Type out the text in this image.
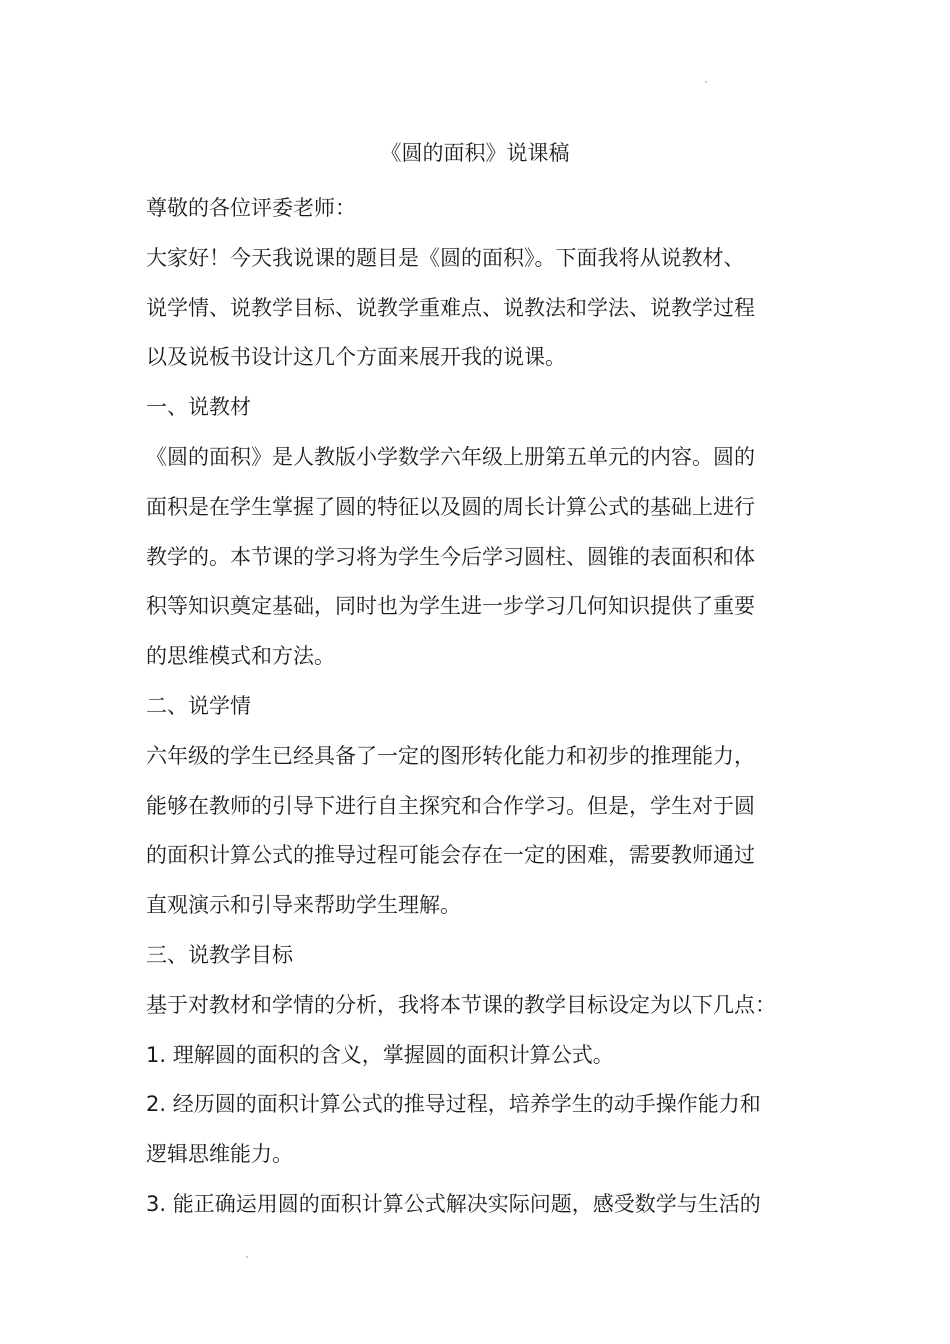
《圆的面积》说课稿
尊敬的各位评委老师：
大家好！今天我说课的题目是《圆的面积》。下面我将从说教材、
说学情、说教学目标、说教学重难点、说教法和学法、说教学过程
以及说板书设计这几个方面来展开我的说课。
一、说教材
《圆的面积》是人教版小学数学六年级上册第五单元的内容。圆的
面积是在学生掌握了圆的特征以及圆的周长计算公式的基础上进行
教学的。本节课的学习将为学生今后学习圆柱、圆锥的表面积和体
积等知识奠定基础，同时也为学生进一步学习几何知识提供了重要
的思维模式和方法。
二、说学情
六年级的学生已经具备了一定的图形转化能力和初步的推理能力，
能够在教师的引导下进行自主探究和合作学习。但是，学生对于圆
的面积计算公式的推导过程可能会存在一定的困难，需要教师通过
直观演示和引导来帮助学生理解。
三、说教学目标
基于对教材和学情的分析，我将本节课的教学目标设定为以下几点：
1. 理解圆的面积的含义，掌握圆的面积计算公式。
2. 经历圆的面积计算公式的推导过程，培养学生的动手操作能力和
逻辑思维能力。
3. 能正确运用圆的面积计算公式解决实际问题，感受数学与生活的
